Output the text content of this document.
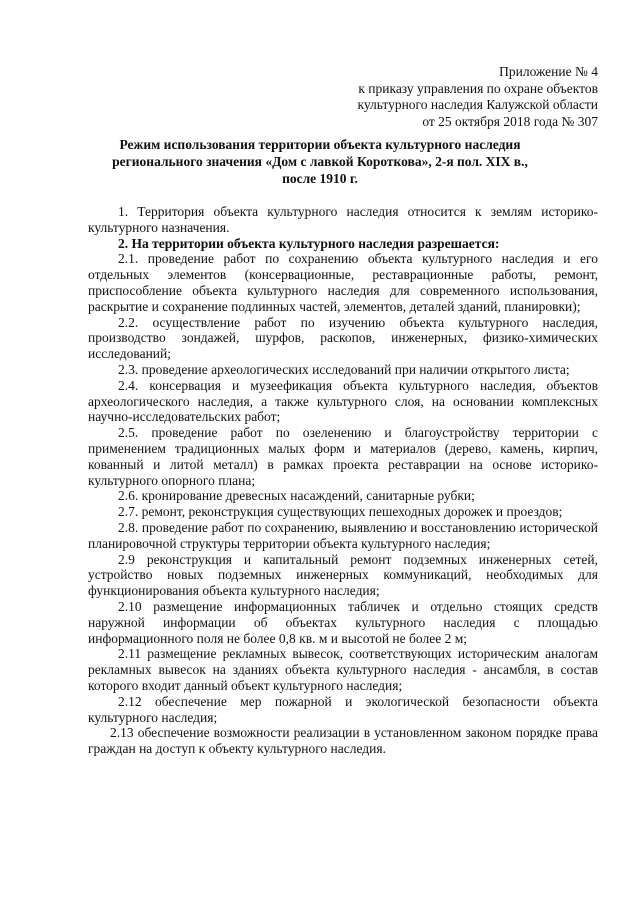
Приложение № 4
к приказу управления по охране объектов
культурного наследия Калужской области
от 25 октября 2018 года № 307
Режим использования территории объекта культурного наследия
регионального значения «Дом с лавкой Короткова», 2-я пол. XIX в.,
после 1910 г.

1. Территория объекта культурного наследия относится к землям историко-культурного назначения.

2. На территории объекта культурного наследия разрешается:

2.1. проведение работ по сохранению объекта культурного наследия и его отдельных элементов (консервационные, реставрационные работы, ремонт, приспособление объекта культурного наследия для современного использования, раскрытие и сохранение подлинных частей, элементов, деталей зданий, планировки);

2.2. осуществление работ по изучению объекта культурного наследия, производство зондажей, шурфов, раскопов, инженерных, физико-химических исследований;

2.3. проведение археологических исследований при наличии открытого листа;

2.4. консервация и музеефикация объекта культурного наследия, объектов археологического наследия, а также культурного слоя, на основании комплексных научно-исследовательских работ;

2.5. проведение работ по озеленению и благоустройству территории с применением традиционных малых форм и материалов (дерево, камень, кирпич, кованный и литой металл) в рамках проекта реставрации на основе историко-культурного опорного плана;

2.6. кронирование древесных насаждений, санитарные рубки;

2.7. ремонт, реконструкция существующих пешеходных дорожек и проездов;

2.8. проведение работ по сохранению, выявлению и восстановлению исторической планировочной структуры территории объекта культурного наследия;

2.9 реконструкция и капитальный ремонт подземных инженерных сетей, устройство новых подземных инженерных коммуникаций, необходимых для функционирования объекта культурного наследия;

2.10 размещение информационных табличек и отдельно стоящих средств наружной информации об объектах культурного наследия с площадью информационного поля не более 0,8 кв. м и высотой не более 2 м;

2.11 размещение рекламных вывесок, соответствующих историческим аналогам рекламных вывесок на зданиях объекта культурного наследия - ансамбля, в состав которого входит данный объект культурного наследия;

2.12 обеспечение мер пожарной и экологической безопасности объекта культурного наследия;

2.13 обеспечение возможности реализации в установленном законом порядке права граждан на доступ к объекту культурного наследия.
